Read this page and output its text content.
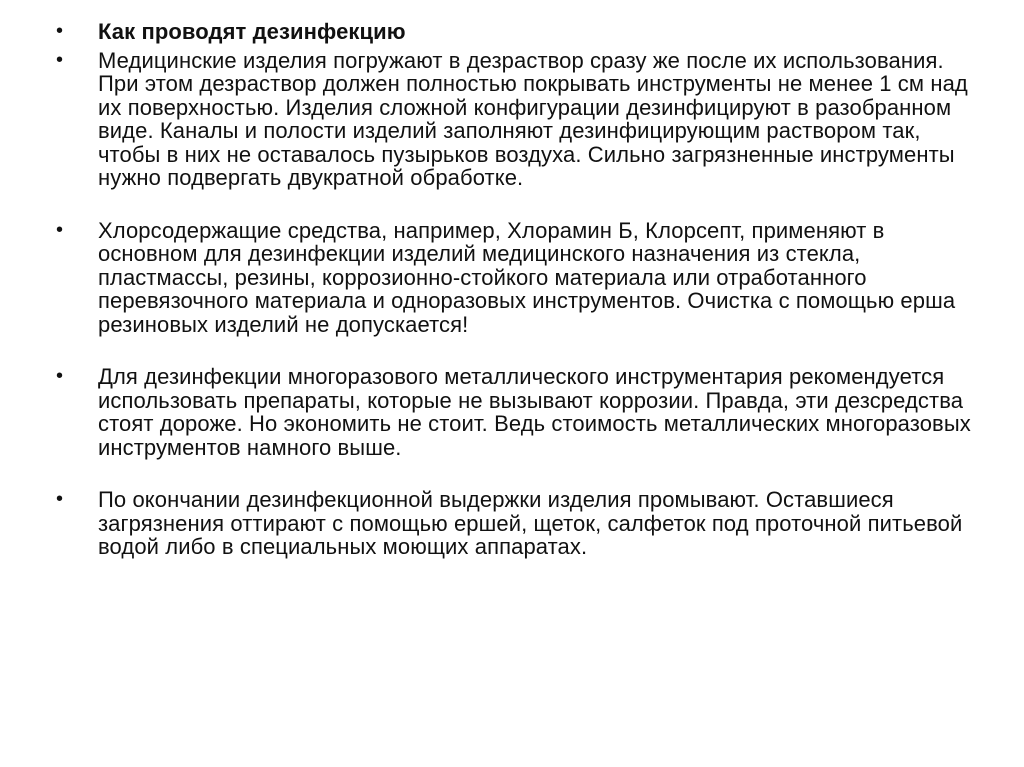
•	Как проводят дезинфекцию
•	Медицинские изделия погружают в дезраствор сразу же после их использования. При этом дезраствор должен полностью покрывать инструменты не менее 1 см над их поверхностью. Изделия сложной конфигурации дезинфицируют в разобранном виде. Каналы и полости изделий заполняют дезинфицирующим раствором так, чтобы в них не оставалось пузырьков воздуха. Сильно загрязненные инструменты нужно подвергать двукратной обработке.
•	Хлорсодержащие средства, например, Хлорамин Б, Клорсепт, применяют в основном для дезинфекции изделий медицинского назначения из стекла, пластмассы, резины, коррозионно-стойкого материала или отработанного перевязочного материала и одноразовых инструментов. Очистка с помощью ерша резиновых изделий не допускается!
•	Для дезинфекции многоразового металлического инструментария рекомендуется использовать препараты, которые не вызывают коррозии. Правда, эти дезсредства стоят дороже. Но экономить не стоит. Ведь стоимость металлических многоразовых инструментов намного выше.
•	По окончании дезинфекционной выдержки изделия промывают. Оставшиеся загрязнения оттирают с помощью ершей, щеток, салфеток под проточной питьевой водой либо в специальных моющих аппаратах.
